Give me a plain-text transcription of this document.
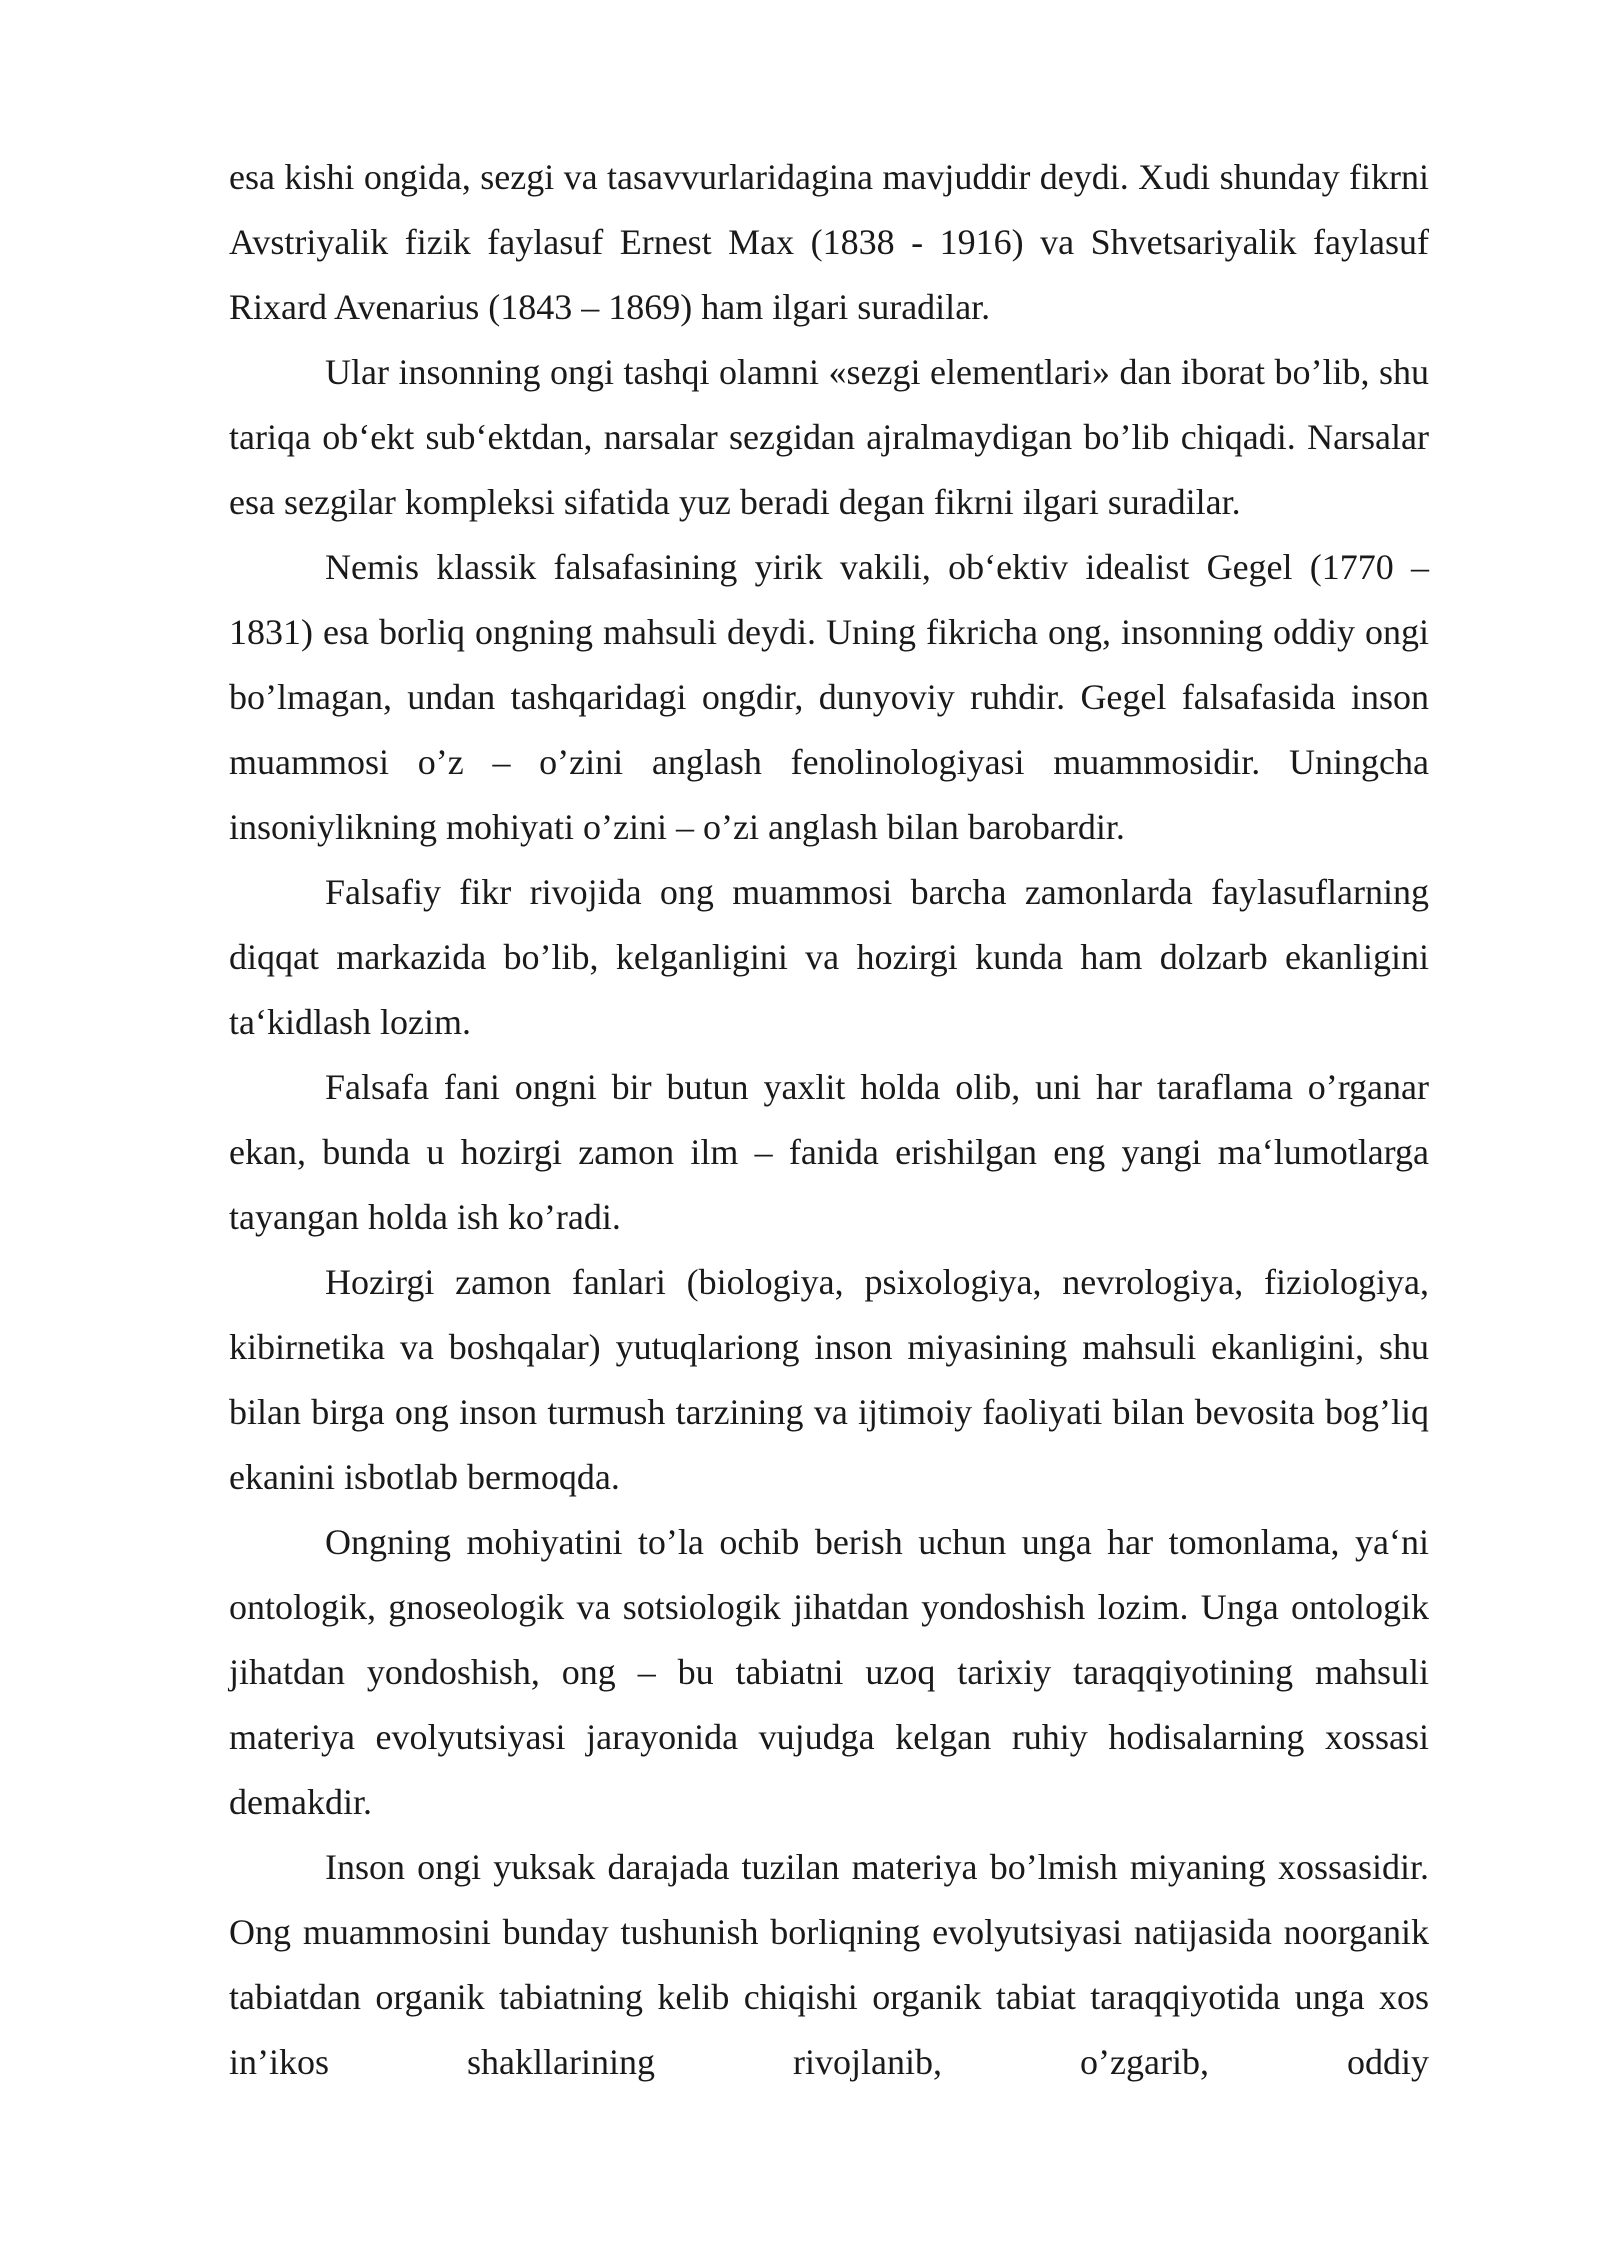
esa kishi ongida, sezgi va tasavvurlaridagina mavjuddir deydi. Xudi shunday fikrni Avstriyalik fizik faylasuf Ernest Max (1838 - 1916) va Shvetsariyalik faylasuf Rixard Avenarius (1843 – 1869) ham ilgari suradilar.

Ular insonning ongi tashqi olamni «sezgi elementlari» dan iborat bo’lib, shu tariqa ob‘ekt sub‘ektdan, narsalar sezgidan ajralmaydigan bo’lib chiqadi. Narsalar esa sezgilar kompleksi sifatida yuz beradi degan fikrni ilgari suradilar.

Nemis klassik falsafasining yirik vakili, ob‘ektiv idealist Gegel (1770 – 1831) esa borliq ongning mahsuli deydi. Uning fikricha ong, insonning oddiy ongi bo’lmagan, undan tashqaridagi ongdir, dunyoviy ruhdir. Gegel falsafasida inson muammosi o’z – o’zini anglash fenolinologiyasi muammosidir. Uningcha insoniylikning mohiyati o’zini – o’zi anglash bilan barobardir.

Falsafiy fikr rivojida ong muammosi barcha zamonlarda faylasuflarning diqqat markazida bo’lib, kelganligini va hozirgi kunda ham dolzarb ekanligini ta‘kidlash lozim.

Falsafa fani ongni bir butun yaxlit holda olib, uni har taraflama o’rganar ekan, bunda u hozirgi zamon ilm – fanida erishilgan eng yangi ma‘lumotlarga tayangan holda ish ko’radi.

Hozirgi zamon fanlari (biologiya, psixologiya, nevrologiya, fiziologiya, kibirnetika va boshqalar) yutuqlariong inson miyasining mahsuli ekanligini, shu bilan birga ong inson turmush tarzining va ijtimoiy faoliyati bilan bevosita bog’liq ekanini isbotlab bermoqda.

Ongning mohiyatini to’la ochib berish uchun unga har tomonlama, ya‘ni ontologik, gnoseologik va sotsiologik jihatdan yondoshish lozim. Unga ontologik jihatdan yondoshish, ong – bu tabiatni uzoq tarixiy taraqqiyotining mahsuli materiya evolyutsiyasi jarayonida vujudga kelgan ruhiy hodisalarning xossasi demakdir.

Inson ongi yuksak darajada tuzilan materiya bo’lmish miyaning xossasidir. Ong muammosini bunday tushunish borliqning evolyutsiyasi natijasida noorganik tabiatdan organik tabiatning kelib chiqishi organik tabiat taraqqiyotida unga xos in’ikos shakllarining rivojlanib, o’zgarib, oddiy
